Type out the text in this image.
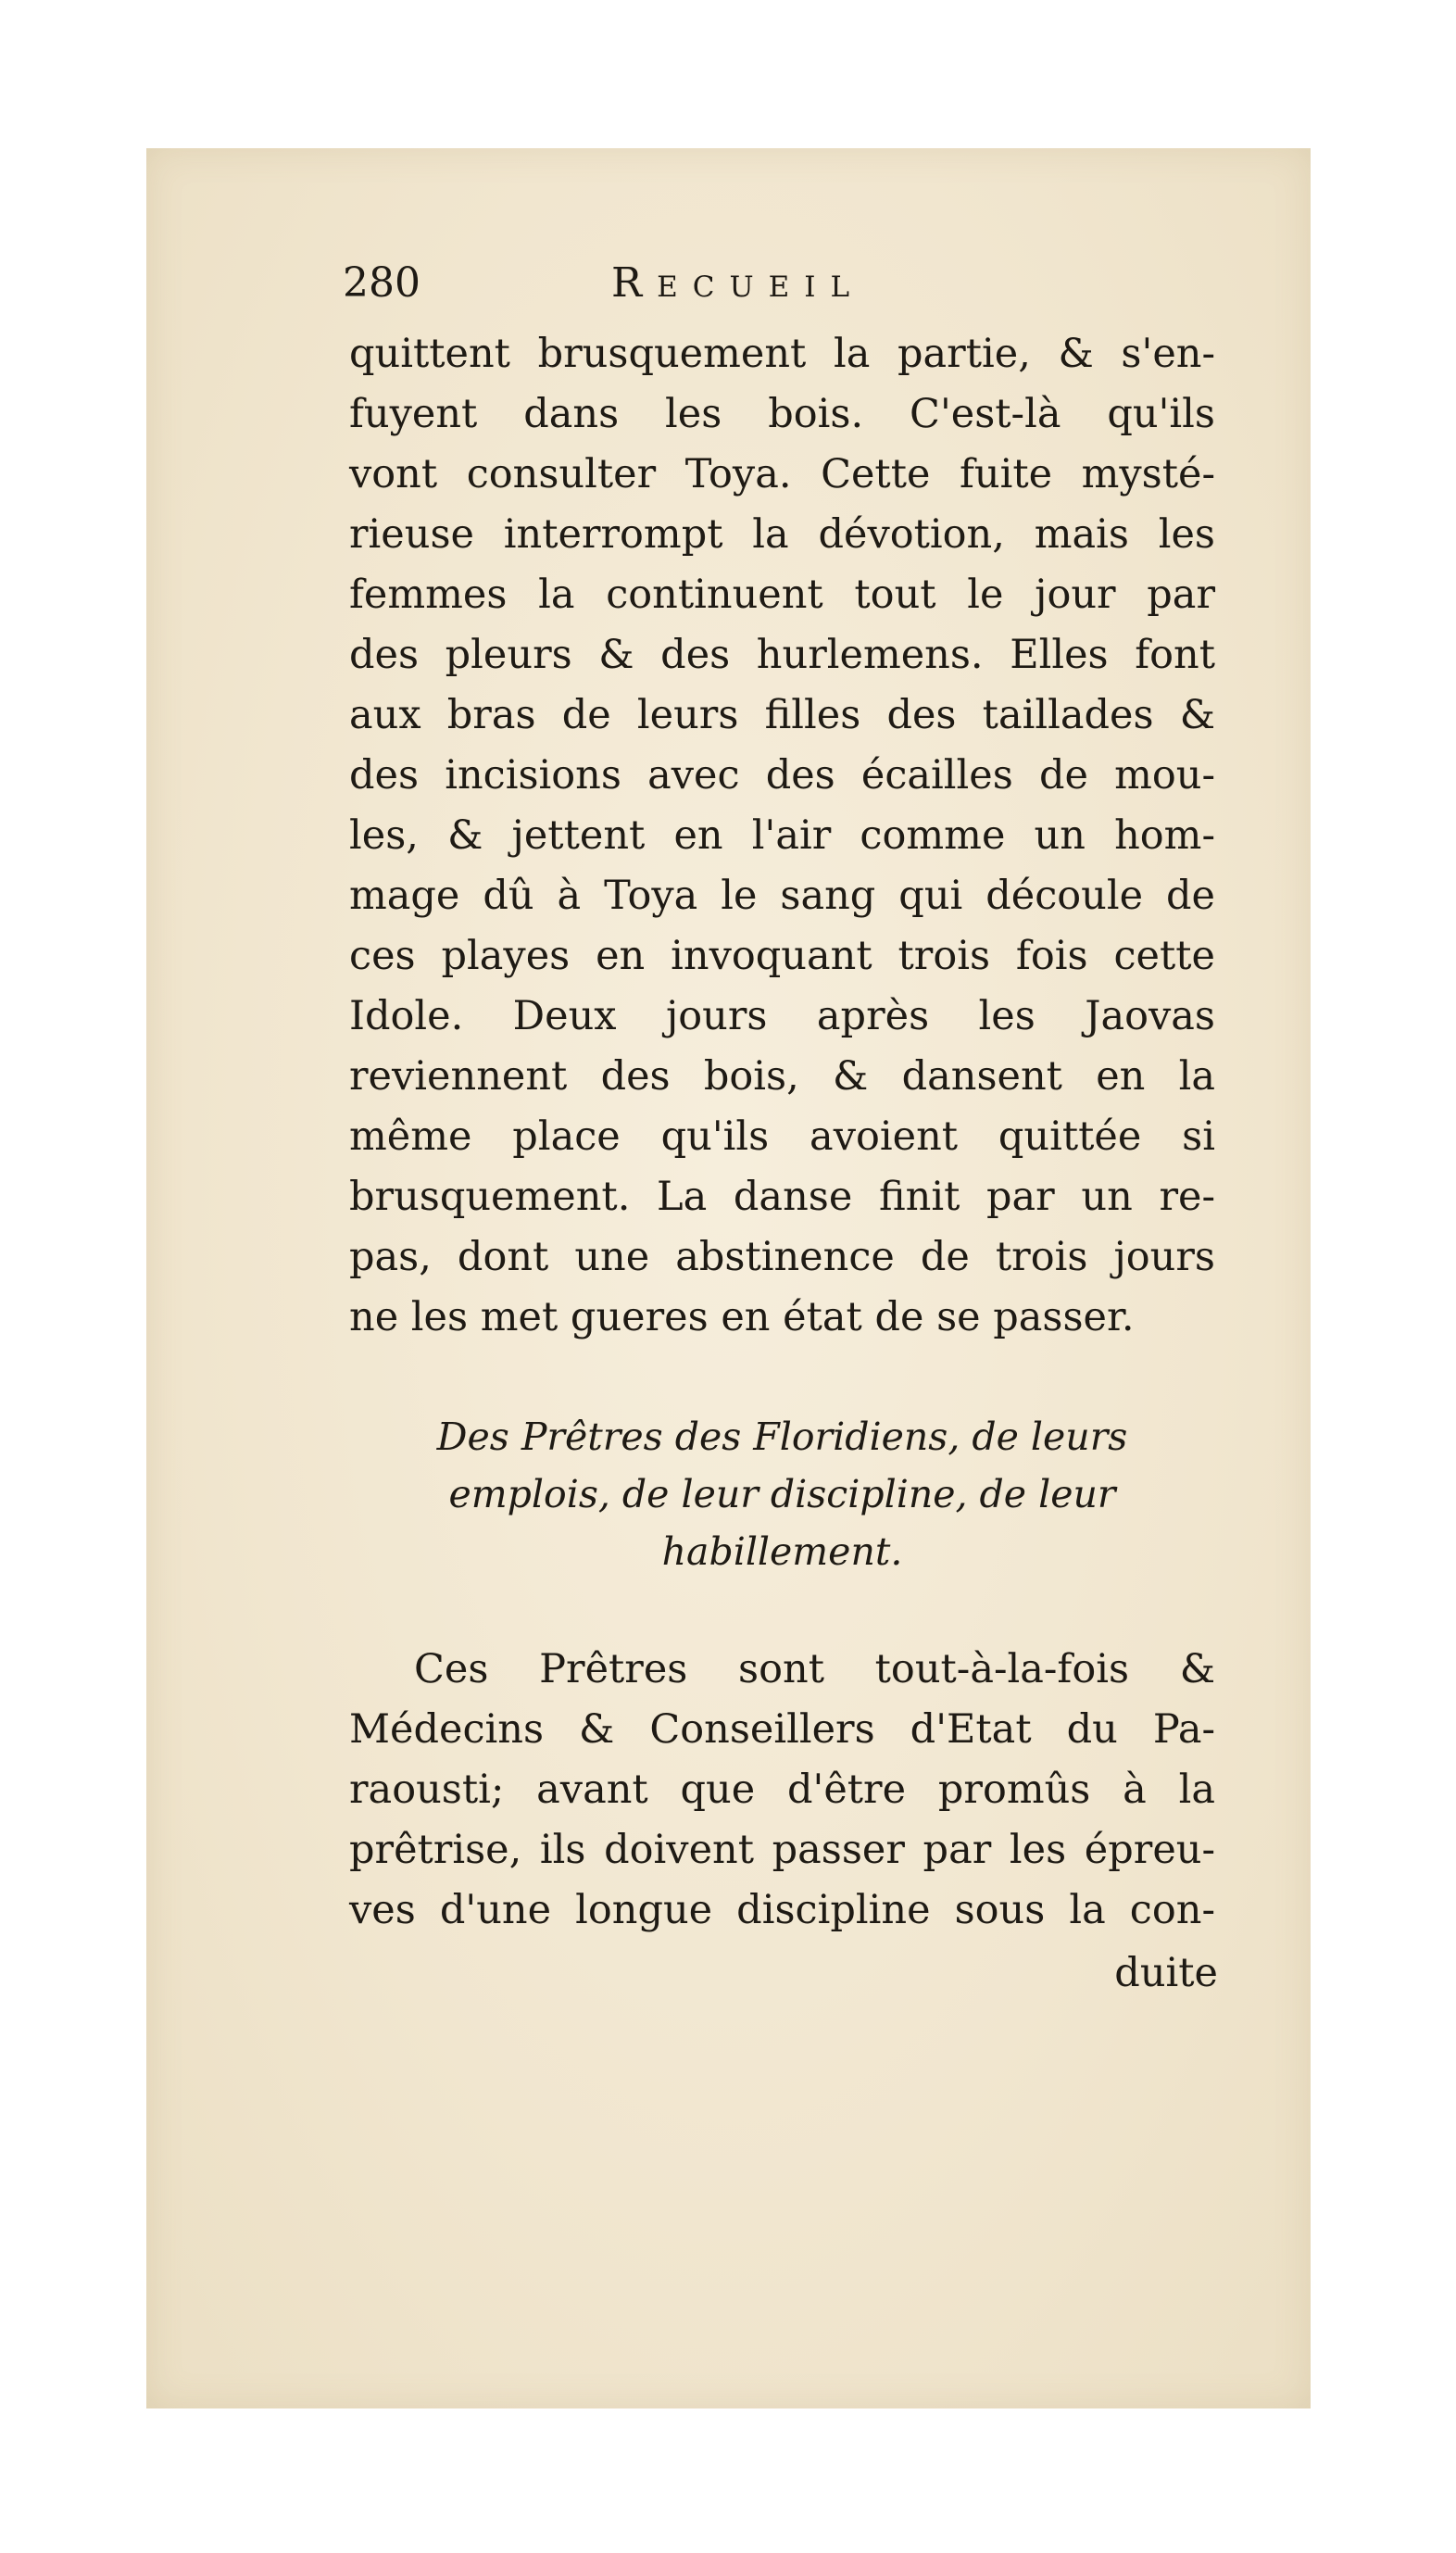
280	Recueil
quittent brusquement la partie, & s'en-
fuyent dans les bois. C'est-là qu'ils
vont consulter Toya. Cette fuite mysté-
rieuse interrompt la dévotion, mais les
femmes la continuent tout le jour par
des pleurs & des hurlemens. Elles font
aux bras de leurs filles des taillades &
des incisions avec des écailles de mou-
les, & jettent en l'air comme un hom-
mage dû à Toya le sang qui découle de
ces playes en invoquant trois fois cette
Idole. Deux jours après les Jaovas
reviennent des bois, & dansent en la
même place qu'ils avoient quittée si
brusquement. La danse finit par un re-
pas, dont une abstinence de trois jours
ne les met gueres en état de se passer.
Des Prêtres des Floridiens, de leurs
emplois, de leur discipline, de leur
habillement.
Ces Prêtres sont tout-à-la-fois &
Médecins & Conseillers d'Etat du Pa-
raousti; avant que d'être promûs à la
prêtrise, ils doivent passer par les épreu-
ves d'une longue discipline sous la con-
duite
